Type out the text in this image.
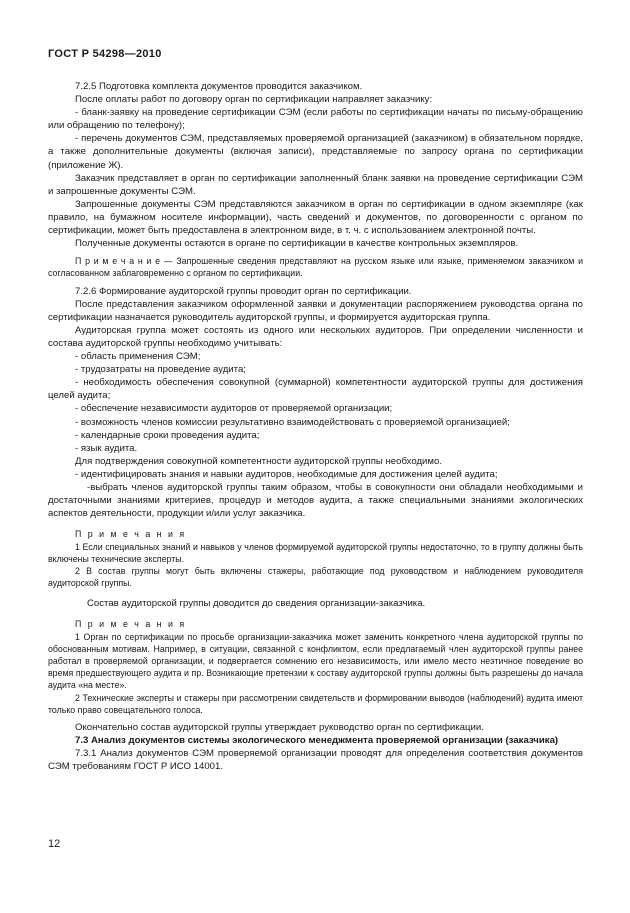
ГОСТ Р 54298—2010

7.2.5 Подготовка комплекта документов проводится заказчиком.

После оплаты работ по договору орган по сертификации направляет заказчику:

- бланк-заявку на проведение сертификации СЭМ (если работы по сертификации начаты по письму-обращению или обращению по телефону);

- перечень документов СЭМ, представляемых проверяемой организацией (заказчиком) в обязательном порядке, а также дополнительные документы (включая записи), представляемые по запросу органа по сертификации (приложение Ж).

Заказчик представляет в орган по сертификации заполненный бланк заявки на проведение сертификации СЭМ и запрошенные документы СЭМ.

Запрошенные документы СЭМ представляются заказчиком в орган по сертификации в одном экземпляре (как правило, на бумажном носителе информации), часть сведений и документов, по договоренности с органом по сертификации, может быть предоставлена в электронном виде, в т. ч. с использованием электронной почты.

Полученные документы остаются в органе по сертификации в качестве контрольных экземпляров.

П р и м е ч а н и е — Запрошенные сведения представляют на русском языке или языке, применяемом заказчиком и согласованном заблаговременно с органом по сертификации.

7.2.6 Формирование аудиторской группы проводит орган по сертификации.

После представления заказчиком оформленной заявки и документации распоряжением руководства органа по сертификации назначается руководитель аудиторской группы, и формируется аудиторская группа.

Аудиторская группа может состоять из одного или нескольких аудиторов. При определении численности и состава аудиторской группы необходимо учитывать:

- область применения СЭМ;

- трудозатраты на проведение аудита;

- необходимость обеспечения совокупной (суммарной) компетентности аудиторской группы для достижения целей аудита;

- обеспечение независимости аудиторов от проверяемой организации;

- возможность членов комиссии результативно взаимодействовать с проверяемой организацией;

- календарные сроки проведения аудита;

- язык аудита.

Для подтверждения совокупной компетентности аудиторской группы необходимо.

- идентифицировать знания и навыки аудиторов, необходимые для достижения целей аудита;

-выбрать членов аудиторской группы таким образом, чтобы в совокупности они обладали необходимыми и достаточными знаниями критериев, процедур и методов аудита, а также специальными знаниями экологических аспектов деятельности, продукции и/или услуг заказчика.

П р и м е ч а н и я

1 Если специальных знаний и навыков у членов формируемой аудиторской группы недостаточно, то в группу должны быть включены технические эксперты.

2 В состав группы могут быть включены стажеры, работающие под руководством и наблюдением руководителя аудиторской группы.

Состав аудиторской группы доводится до сведения организации-заказчика.

П р и м е ч а н и я

1 Орган по сертификации по просьбе организации-заказчика может заменить конкретного члена аудиторской группы по обоснованным мотивам. Например, в ситуации, связанной с конфликтом, если предлагаемый член аудиторской группы ранее работал в проверяемой организации, и подвергается сомнению его независимость, или имело место неэтичное поведение во время предшествующего аудита и пр. Возникающие претензии к составу аудиторской группы должны быть разрешены до начала аудита «на месте».

2 Технические эксперты и стажеры при рассмотрении свидетельств и формировании выводов (наблюдений) аудита имеют только право совещательного голоса.

Окончательно состав аудиторской группы утверждает руководство орган по сертификации.

7.3 Анализ документов системы экологического менеджмента проверяемой организации (заказчика)

7.3.1 Анализ документов СЭМ проверяемой организации проводят для определения соответствия документов СЭМ требованиям ГОСТ Р ИСО 14001.

12
